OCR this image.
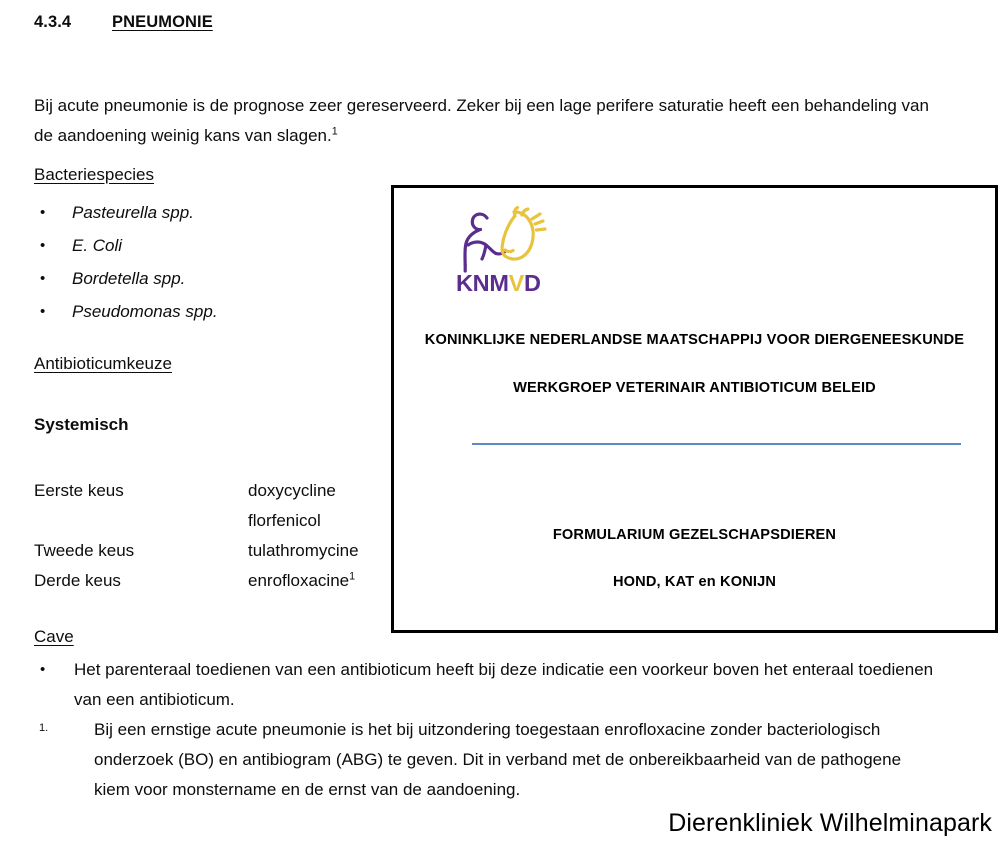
4.3.4 PNEUMONIE

Bij acute pneumonie is de prognose zeer gereserveerd. Zeker bij een lage perifere saturatie heeft een behandeling van de aandoening weinig kans van slagen.$^1$

Bacteriespecies
• Pasteurella spp.
• E. Coli
• Bordetella spp.
• Pseudomonas spp.
Antibioticumkeuze
Systemisch
Eerste keus	doxycycline
	florfenicol
Tweede keus	tulathromycine
Derde keus	enrofloxacine$^1$
Cave
• Het parenteraal toedienen van een antibioticum heeft bij deze indicatie een voorkeur boven het enteraal toedienen van een antibioticum.
1.	Bij een ernstige acute pneumonie is het bij uitzondering toegestaan enrofloxacine zonder bacteriologisch onderzoek (BO) en antibiogram (ABG) te geven. Dit in verband met de onbereikbaarheid van de pathogene kiem voor monstername en de ernst van de aandoening.
Dierenkliniek Wilhelminapark
KNMVD
KONINKLIJKE NEDERLANDSE MAATSCHAPPIJ VOOR DIERGENEESKUNDE
WERKGROEP VETERINAIR ANTIBIOTICUM BELEID
FORMULARIUM GEZELSCHAPSDIEREN
HOND, KAT en KONIJN
